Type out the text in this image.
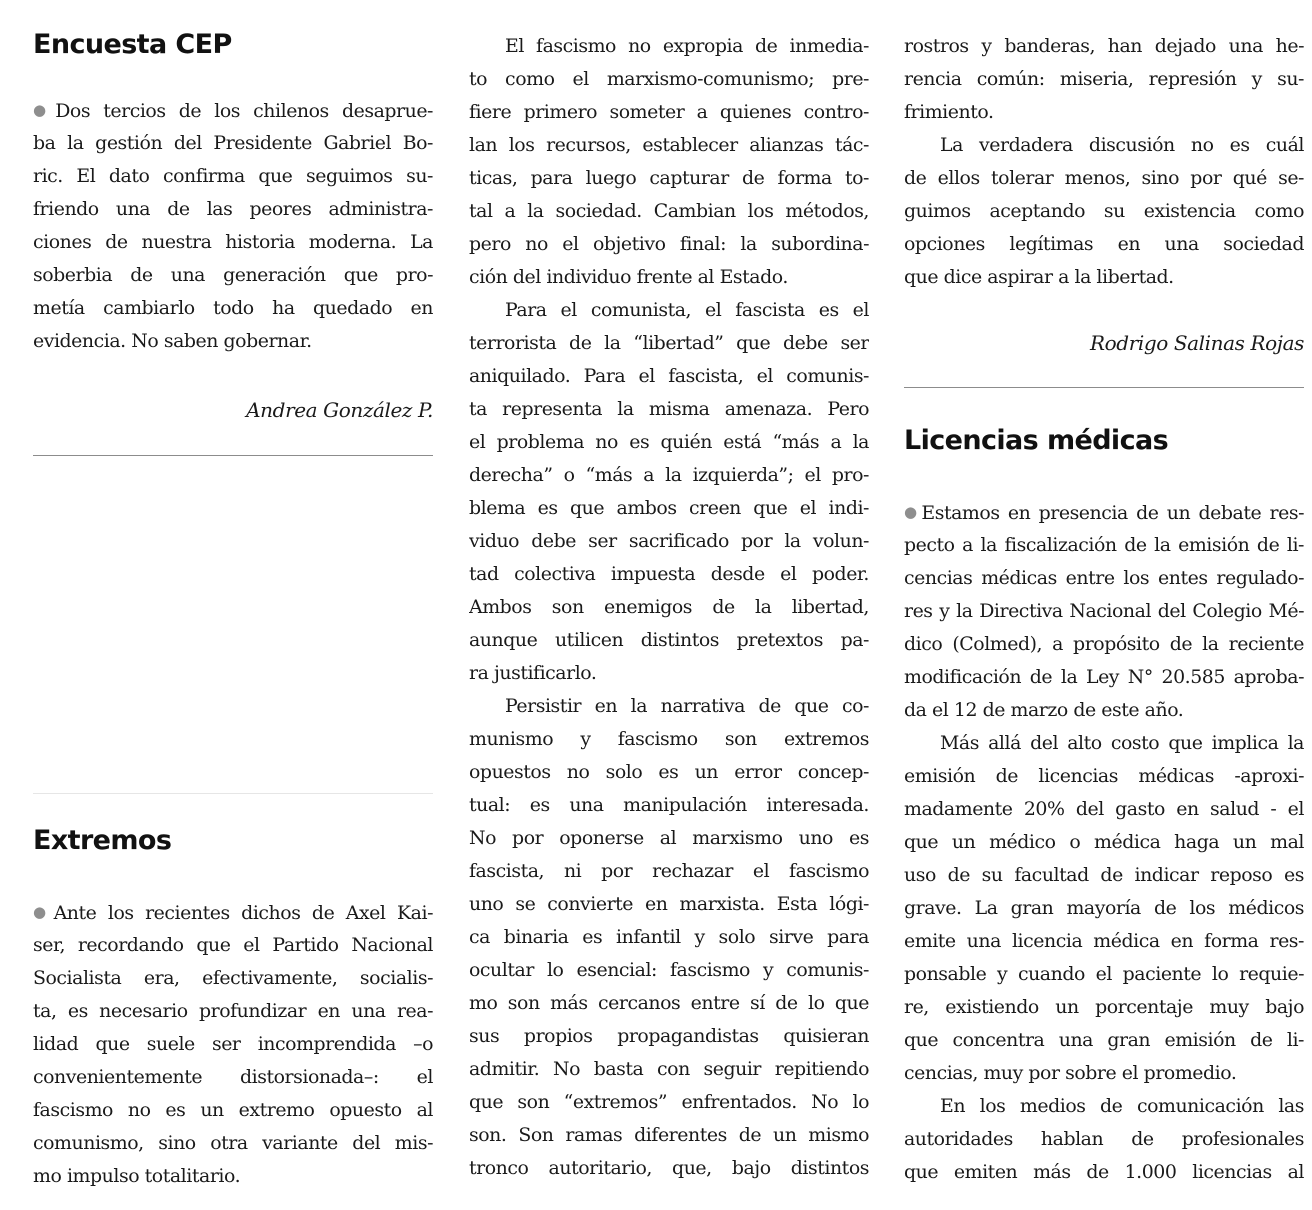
Encuesta CEP
● Dos tercios de los chilenos desaprue-
ba la gestión del Presidente Gabriel Bo-
ric. El dato confirma que seguimos su-
friendo una de las peores administra-
ciones de nuestra historia moderna. La
soberbia de una generación que pro-
metía cambiarlo todo ha quedado en
evidencia. No saben gobernar.

Andrea González P.

Extremos
● Ante los recientes dichos de Axel Kai-
ser, recordando que el Partido Nacional
Socialista era, efectivamente, socialis-
ta, es necesario profundizar en una rea-
lidad que suele ser incomprendida –o
convenientemente distorsionada–: el
fascismo no es un extremo opuesto al
comunismo, sino otra variante del mis-
mo impulso totalitario.
El fascismo no expropia de inmedia-
to como el marxismo-comunismo; pre-
fiere primero someter a quienes contro-
lan los recursos, establecer alianzas tác-
ticas, para luego capturar de forma to-
tal a la sociedad. Cambian los métodos,
pero no el objetivo final: la subordina-
ción del individuo frente al Estado.
Para el comunista, el fascista es el
terrorista de la “libertad” que debe ser
aniquilado. Para el fascista, el comunis-
ta representa la misma amenaza. Pero
el problema no es quién está “más a la
derecha” o “más a la izquierda”; el pro-
blema es que ambos creen que el indi-
viduo debe ser sacrificado por la volun-
tad colectiva impuesta desde el poder.
Ambos son enemigos de la libertad,
aunque utilicen distintos pretextos pa-
ra justificarlo.
Persistir en la narrativa de que co-
munismo y fascismo son extremos
opuestos no solo es un error concep-
tual: es una manipulación interesada.
No por oponerse al marxismo uno es
fascista, ni por rechazar el fascismo
uno se convierte en marxista. Esta lógi-
ca binaria es infantil y solo sirve para
ocultar lo esencial: fascismo y comunis-
mo son más cercanos entre sí de lo que
sus propios propagandistas quisieran
admitir. No basta con seguir repitiendo
que son “extremos” enfrentados. No lo
son. Son ramas diferentes de un mismo
tronco autoritario, que, bajo distintos
rostros y banderas, han dejado una he-
rencia común: miseria, represión y su-
frimiento.
La verdadera discusión no es cuál
de ellos tolerar menos, sino por qué se-
guimos aceptando su existencia como
opciones legítimas en una sociedad
que dice aspirar a la libertad.

Rodrigo Salinas Rojas

Licencias médicas
● Estamos en presencia de un debate res-
pecto a la fiscalización de la emisión de li-
cencias médicas entre los entes regulado-
res y la Directiva Nacional del Colegio Mé-
dico (Colmed), a propósito de la reciente
modificación de la Ley N° 20.585 aproba-
da el 12 de marzo de este año.
Más allá del alto costo que implica la
emisión de licencias médicas -aproxi-
madamente 20% del gasto en salud - el
que un médico o médica haga un mal
uso de su facultad de indicar reposo es
grave. La gran mayoría de los médicos
emite una licencia médica en forma res-
ponsable y cuando el paciente lo requie-
re, existiendo un porcentaje muy bajo
que concentra una gran emisión de li-
cencias, muy por sobre el promedio.
En los medios de comunicación las
autoridades hablan de profesionales
que emiten más de 1.000 licencias al
